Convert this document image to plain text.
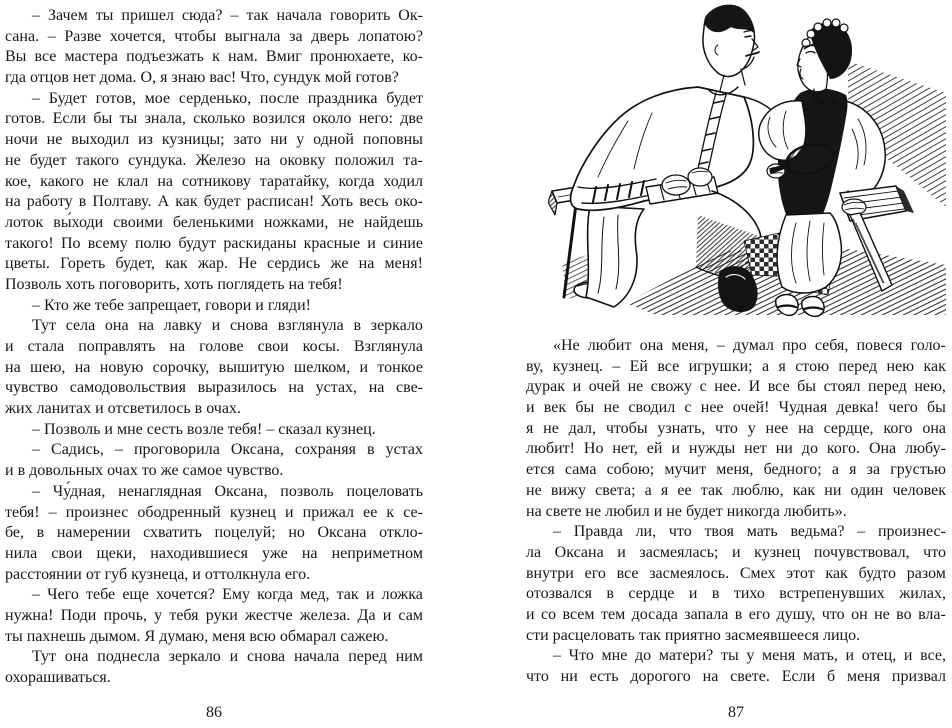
– Зачем ты пришел сюда? – так начала говорить Ок-
сана. – Разве хочется, чтобы выгнала за дверь лопатою?
Вы все мастера подъезжать к нам. Вмиг пронюхаете, ко-
гда отцов нет дома. О, я знаю вас! Что, сундук мой готов?
– Будет готов, мое серденько, после праздника будет
готов. Если бы ты знала, сколько возился около него: две
ночи не выходил из кузницы; зато ни у одной поповны
не будет такого сундука. Железо на оковку положил та-
кое, какого не клал на сотникову таратайку, когда ходил
на работу в Полтаву. А как будет расписан! Хоть весь око-
лоток вы́ходи своими беленькими ножками, не найдешь
такого! По всему полю будут раскиданы красные и синие
цветы. Гореть будет, как жар. Не сердись же на меня!
Позволь хоть поговорить, хоть поглядеть на тебя!
– Кто же тебе запрещает, говори и гляди!
Тут села она на лавку и снова взглянула в зеркало
и стала поправлять на голове свои косы. Взглянула
на шею, на новую сорочку, вышитую шелком, и тонкое
чувство самодовольствия выразилось на устах, на све-
жих ланитах и отсветилось в очах.
– Позволь и мне сесть возле тебя! – сказал кузнец.
– Садись, – проговорила Оксана, сохраняя в устах
и в довольных очах то же самое чувство.
– Чу́дная, ненаглядная Оксана, позволь поцеловать
тебя! – произнес ободренный кузнец и прижал ее к се-
бе, в намерении схватить поцелуй; но Оксана откло-
нила свои щеки, находившиеся уже на неприметном
расстоянии от губ кузнеца, и оттолкнула его.
– Чего тебе еще хочется? Ему когда мед, так и ложка
нужна! Поди прочь, у тебя руки жестче железа. Да и сам
ты пахнешь дымом. Я думаю, меня всю обмарал сажею.
Тут она поднесла зеркало и снова начала перед ним
охорашиваться.
86
«Не любит она меня, – думал про себя, повеся голо-
ву, кузнец. – Ей все игрушки; а я стою перед нею как
дурак и очей не свожу с нее. И все бы стоял перед нею,
и век бы не сводил с нее очей! Чудная девка! чего бы
я не дал, чтобы узнать, что у нее на сердце, кого она
любит! Но нет, ей и нужды нет ни до кого. Она любу-
ется сама собою; мучит меня, бедного; а я за грустью
не вижу света; а я ее так люблю, как ни один человек
на свете не любил и не будет никогда любить».
– Правда ли, что твоя мать ведьма? – произнес-
ла Оксана и засмеялась; и кузнец почувствовал, что
внутри его все засмеялось. Смех этот как будто разом
отозвался в сердце и в тихо встрепенувших жилах,
и со всем тем досада запала в его душу, что он не во вла-
сти расцеловать так приятно засмеявшееся лицо.
– Что мне до матери? ты у меня мать, и отец, и все,
что ни есть дорогого на свете. Если б меня призвал
87
